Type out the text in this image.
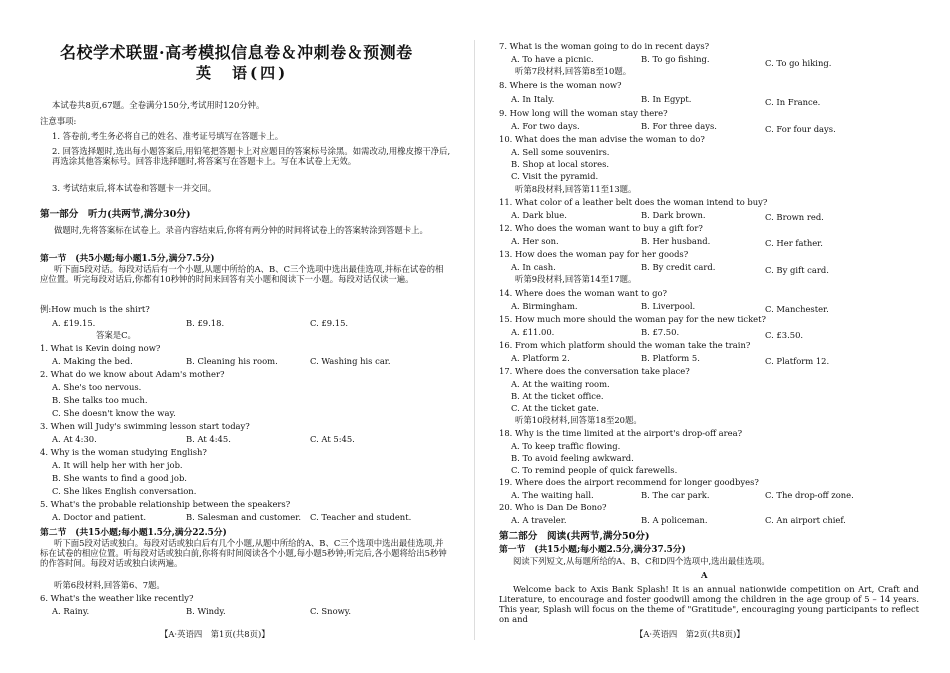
名校学术联盟·高考模拟信息卷＆冲刺卷＆预测卷
英　语(四)
本试卷共8页,67题。全卷满分150分,考试用时120分钟。
注意事项:
1. 答卷前,考生务必将自己的姓名、准考证号填写在答题卡上。
2. 回答选择题时,选出每小题答案后,用铅笔把答题卡上对应题目的答案标号涂黑。如需改动,用橡皮擦干净后,再选涂其他答案标号。回答非选择题时,将答案写在答题卡上。写在本试卷上无效。
3. 考试结束后,将本试卷和答题卡一并交回。
第一部分　听力(共两节,满分30分)
做题时,先将答案标在试卷上。录音内容结束后,你将有两分钟的时间将试卷上的答案转涂到答题卡上。
第一节　(共5小题;每小题1.5分,满分7.5分)
听下面5段对话。每段对话后有一个小题,从题中所给的A、B、C三个选项中选出最佳选项,并标在试卷的相应位置。听完每段对话后,你都有10秒钟的时间来回答有关小题和阅读下一小题。每段对话仅读一遍。
例:How much is the shirt?
A. £19.15.	B. £9.18.	C. £9.15.
答案是C。
1. What is Kevin doing now?
A. Making the bed.	B. Cleaning his room.	C. Washing his car.
2. What do we know about Adam's mother?
A. She's too nervous.
B. She talks too much.
C. She doesn't know the way.
3. When will Judy's swimming lesson start today?
A. At 4:30.	B. At 4:45.	C. At 5:45.
4. Why is the woman studying English?
A. It will help her with her job.
B. She wants to find a good job.
C. She likes English conversation.
5. What's the probable relationship between the speakers?
A. Doctor and patient.	B. Salesman and customer. C. Teacher and student.
第二节　(共15小题;每小题1.5分,满分22.5分)
听下面5段对话或独白。每段对话或独白后有几个小题,从题中所给的A、B、C三个选项中选出最佳选项,并标在试卷的相应位置。听每段对话或独白前,你将有时间阅读各个小题,每小题5秒钟;听完后,各小题将给出5秒钟的作答时间。每段对话或独白读两遍。
听第6段材料,回答第6、7题。
6. What's the weather like recently?
A. Rainy.	B. Windy.	C. Snowy.
【A·英语四　第1页(共8页)】
7. What is the woman going to do in recent days?
A. To have a picnic.	B. To go fishing.	C. To go hiking.
听第7段材料,回答第8至10题。
8. Where is the woman now?
A. In Italy.	B. In Egypt.	C. In France.
9. How long will the woman stay there?
A. For two days.	B. For three days.	C. For four days.
10. What does the man advise the woman to do?
A. Sell some souvenirs.
B. Shop at local stores.
C. Visit the pyramid.
听第8段材料,回答第11至13题。
11. What color of a leather belt does the woman intend to buy?
A. Dark blue.	B. Dark brown.	C. Brown red.
12. Who does the woman want to buy a gift for?
A. Her son.	B. Her husband.	C. Her father.
13. How does the woman pay for her goods?
A. In cash.	B. By credit card.	C. By gift card.
听第9段材料,回答第14至17题。
14. Where does the woman want to go?
A. Birmingham.	B. Liverpool.	C. Manchester.
15. How much more should the woman pay for the new ticket?
A. £11.00.	B. £7.50.	C. £3.50.
16. From which platform should the woman take the train?
A. Platform 2.	B. Platform 5.	C. Platform 12.
17. Where does the conversation take place?
A. At the waiting room.
B. At the ticket office.
C. At the ticket gate.
听第10段材料,回答第18至20题。
18. Why is the time limited at the airport's drop-off area?
A. To keep traffic flowing.
B. To avoid feeling awkward.
C. To remind people of quick farewells.
19. Where does the airport recommend for longer goodbyes?
A. The waiting hall.	B. The car park.	C. The drop-off zone.
20. Who is Dan De Bono?
A. A traveler.	B. A policeman.	C. An airport chief.
第二部分　阅读(共两节,满分50分)
第一节　(共15小题;每小题2.5分,满分37.5分)
阅读下列短文,从每题所给的A、B、C和D四个选项中,选出最佳选项。
A
Welcome back to Axis Bank Splash! It is an annual nationwide competition on Art, Craft and Literature, to encourage and foster goodwill among the children in the age group of 5 – 14 years. This year, Splash will focus on the theme of "Gratitude", encouraging young participants to reflect on and
【A·英语四　第2页(共8页)】
